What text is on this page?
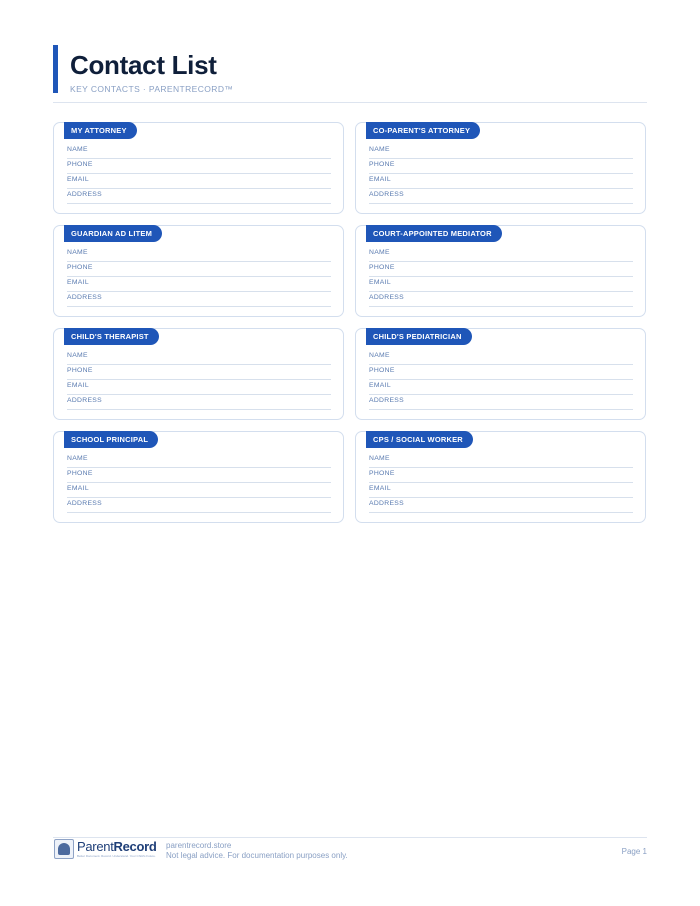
Contact List
KEY CONTACTS · PARENTRECORD™
MY ATTORNEY
NAME
PHONE
EMAIL
ADDRESS
CO-PARENT'S ATTORNEY
NAME
PHONE
EMAIL
ADDRESS
GUARDIAN AD LITEM
NAME
PHONE
EMAIL
ADDRESS
COURT-APPOINTED MEDIATOR
NAME
PHONE
EMAIL
ADDRESS
CHILD'S THERAPIST
NAME
PHONE
EMAIL
ADDRESS
CHILD'S PEDIATRICIAN
NAME
PHONE
EMAIL
ADDRESS
SCHOOL PRINCIPAL
NAME
PHONE
EMAIL
ADDRESS
CPS / SOCIAL WORKER
NAME
PHONE
EMAIL
ADDRESS
ParentRecord
Better Document. Record. Understand. Your Child's Future.
parentrecord.store
Not legal advice. For documentation purposes only.	Page 1
